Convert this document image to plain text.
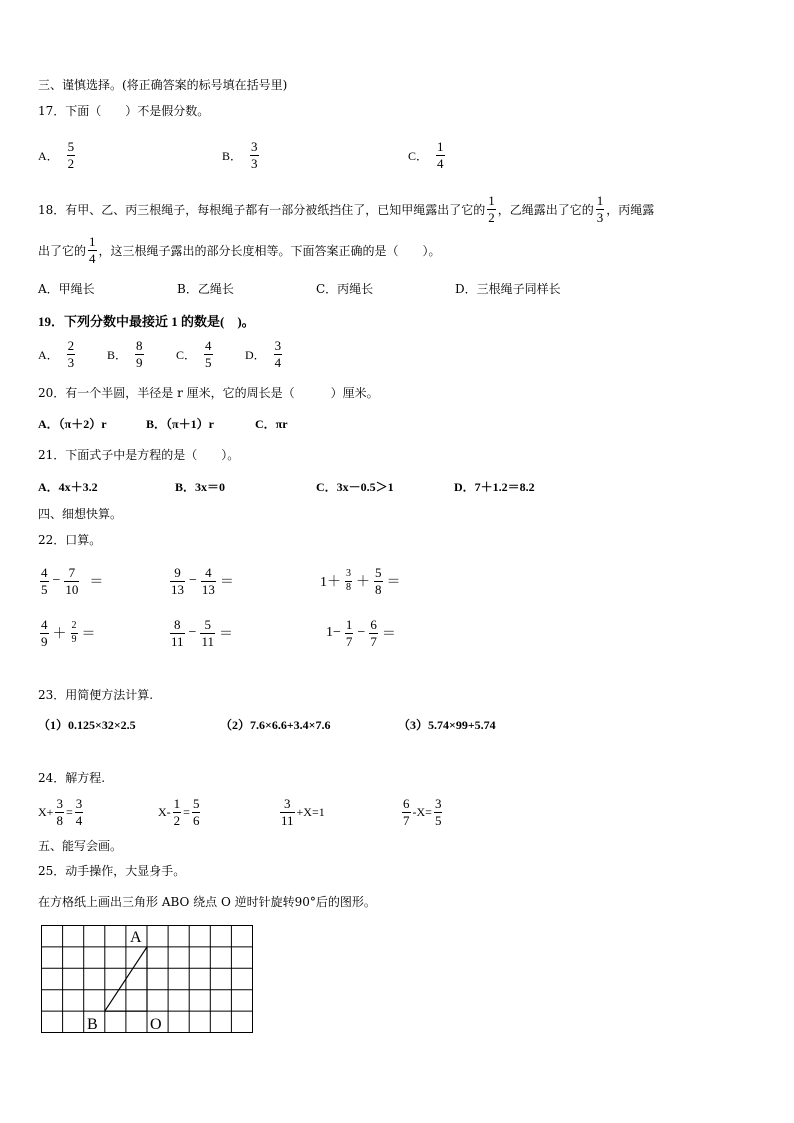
三、谨慎选择。(将正确答案的标号填在括号里)
17．下面（　　）不是假分数。
A． $\frac{5}{2}$	B． $\frac{3}{3}$	C． $\frac{1}{4}$
18．有甲、乙、丙三根绳子，每根绳子都有一部分被纸挡住了，已知甲绳露出了它的 $\frac{1}{2}$ ，乙绳露出了它的 $\frac{1}{3}$ ，丙绳露
出了它的 $\frac{1}{4}$ ，这三根绳子露出的部分长度相等。下面答案正确的是（　　）。
A．甲绳长	B．乙绳长	C．丙绳长	D．三根绳子同样长
19．下列分数中最接近 1 的数是(　)。
A． $\frac{2}{3}$	B． $\frac{8}{9}$	C． $\frac{4}{5}$	D． $\frac{3}{4}$
20．有一个半圆，半径是 r 厘米，它的周长是（　　　）厘米。
A．（π＋2）r	B．（π＋1）r	C．πr
21．下面式子中是方程的是（　　）。
A．4x＋3.2	B．3x＝0	C．3x－0.5＞1	D．7＋1.2＝8.2
四、细想快算。
22．口算。
$\frac{4}{5} - \frac{7}{10}$ ＝	$\frac{9}{13} - \frac{4}{13}$ ＝	$1+ \frac{3}{8} + \frac{5}{8}$ ＝
$\frac{4}{9} + \frac{2}{9}$ ＝	$\frac{8}{11} - \frac{5}{11}$ ＝	$1- \frac{1}{7} - \frac{6}{7}$ ＝
23．用简便方法计算.
（1）0.125×32×2.5	（2）7.6×6.6+3.4×7.6	（3）5.74×99+5.74
24．解方程.
$X+ \frac{3}{8} = \frac{3}{4}$	$X- \frac{1}{2} = \frac{5}{6}$	$\frac{3}{11} +X=1$	$\frac{6}{7} -X= \frac{3}{5}$
五、能写会画。
25．动手操作，大显身手。
在方格纸上画出三角形 ABO 绕点 O 逆时针旋转90°后的图形。
A
B	O
